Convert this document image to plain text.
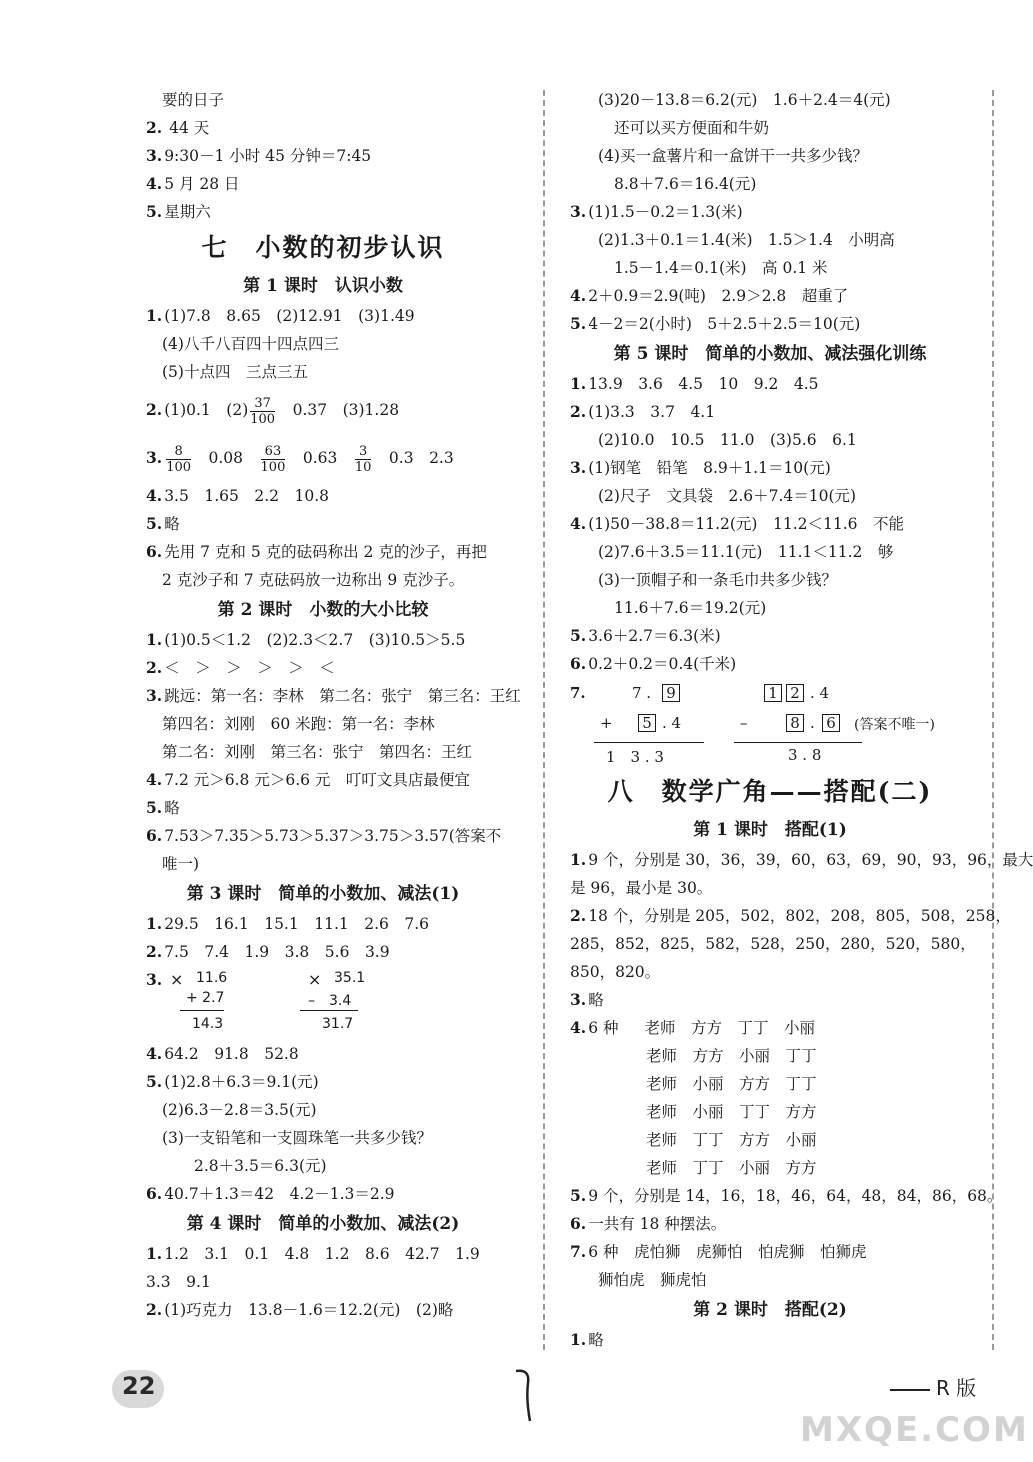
要的日子
2. 44 天
3. 9:30－1 小时 45 分钟＝7:45
4. 5 月 28 日
5. 星期六
七　小数的初步认识
第 1 课时　认识小数
1. (1)7.8　8.65　(2)12.91　(3)1.49
(4)八千八百四十四点四三
(5)十点四　三点三五
2. (1)0.1　$(2) \frac{37}{100}$ 　0.37　(3)1.28
3. $\frac{8}{100}$ 　0.08　 $\frac{63}{100}$ 　0.63　 $\frac{3}{10}$ 　0.3　2.3
4. 3.5　1.65　2.2　10.8
5. 略
6. 先用 7 克和 5 克的砝码称出 2 克的沙子，再把
2 克沙子和 7 克砝码放一边称出 9 克沙子。
第 2 课时　小数的大小比较
1. (1)0.5＜1.2　(2)2.3＜2.7　(3)10.5＞5.5
2. ＜　＞　＞　＞　＞　＜
3. 跳远：第一名：李林　第二名：张宁　第三名：王红
第四名：刘刚　60 米跑：第一名：李林
第二名：刘刚　第三名：张宁　第四名：王红
4. 7.2 元＞6.8 元＞6.6 元　叮叮文具店最便宜
5. 略
6. 7.53＞7.35＞5.73＞5.37＞3.75＞3.57(答案不
唯一)
第 3 课时　简单的小数加、减法(1)
1. 29.5　16.1　15.1　11.1　2.6　7.6
2. 7.5　7.4　1.9　3.8　5.6　3.9
3. × 11.6
+ 2.7
14.3
× 35.1
–　3.4
31.7
4. 64.2　91.8　52.8
5. (1)2.8＋6.3＝9.1(元)
(2)6.3－2.8＝3.5(元)
(3)一支铅笔和一支圆珠笔一共多少钱？
2.8＋3.5＝6.3(元)
6. 40.7＋1.3＝42　4.2－1.3＝2.9
第 4 课时　简单的小数加、减法(2)
1. 1.2　3.1　0.1　4.8　1.2　8.6　42.7　1.9
3.3　9.1
2. (1)巧克力　13.8－1.6＝12.2(元)　(2)略
(3)20－13.8＝6.2(元)　1.6＋2.4＝4(元)
还可以买方便面和牛奶
(4)买一盒薯片和一盒饼干一共多少钱？
8.8＋7.6＝16.4(元)
3. (1)1.5－0.2＝1.3(米)
(2)1.3＋0.1＝1.4(米)　1.5＞1.4　小明高
1.5－1.4＝0.1(米)　高 0.1 米
4. 2＋0.9＝2.9(吨)　2.9＞2.8　超重了
5. 4－2＝2(小时)　5＋2.5＋2.5＝10(元)
第 5 课时　简单的小数加、减法强化训练
1. 13.9　3.6　4.5　10　9.2　4.5
2. (1)3.3　3.7　4.1
(2)10.0　10.5　11.0　(3)5.6　6.1
3. (1)钢笔　铅笔　8.9＋1.1＝10(元)
(2)尺子　文具袋　2.6＋7.4＝10(元)
4. (1)50－38.8＝11.2(元)　11.2＜11.6　不能
(2)7.6＋3.5＝11.1(元)　11.1＜11.2　够
(3)一顶帽子和一条毛巾共多少钱？
11.6＋7.6＝19.2(元)
5. 3.6＋2.7＝6.3(米)
6. 0.2＋0.2＝0.4(千米)
7.	7 . 9
+ 5 . 4
1　3 . 3
1 2 . 4
–	8 . 6
3 . 8
(答案不唯一)
八　数学广角——搭配(二)
第 1 课时　搭配(1)
1. 9 个，分别是 30，36，39，60，63，69，90，93，96，最大
是 96，最小是 30。
2. 18 个，分别是 205，502，802，208，805，508，258，
285，852，825，582，528，250，280，520，580，
850，820。
3. 略
4. 6 种 老师　方方　丁丁　小丽
老师　方方　小丽　丁丁
老师　小丽　方方　丁丁
老师　小丽　丁丁　方方
老师　丁丁　方方　小丽
老师　丁丁　小丽　方方
5. 9 个，分别是 14，16，18，46，64，48，84，86，68。
6. 一共有 18 种摆法。
7. 6 种　虎怕狮　虎狮怕　怕虎狮　怕狮虎
狮怕虎　狮虎怕
第 2 课时　搭配(2)
1. 略
22	R 版
MXQE.COM
